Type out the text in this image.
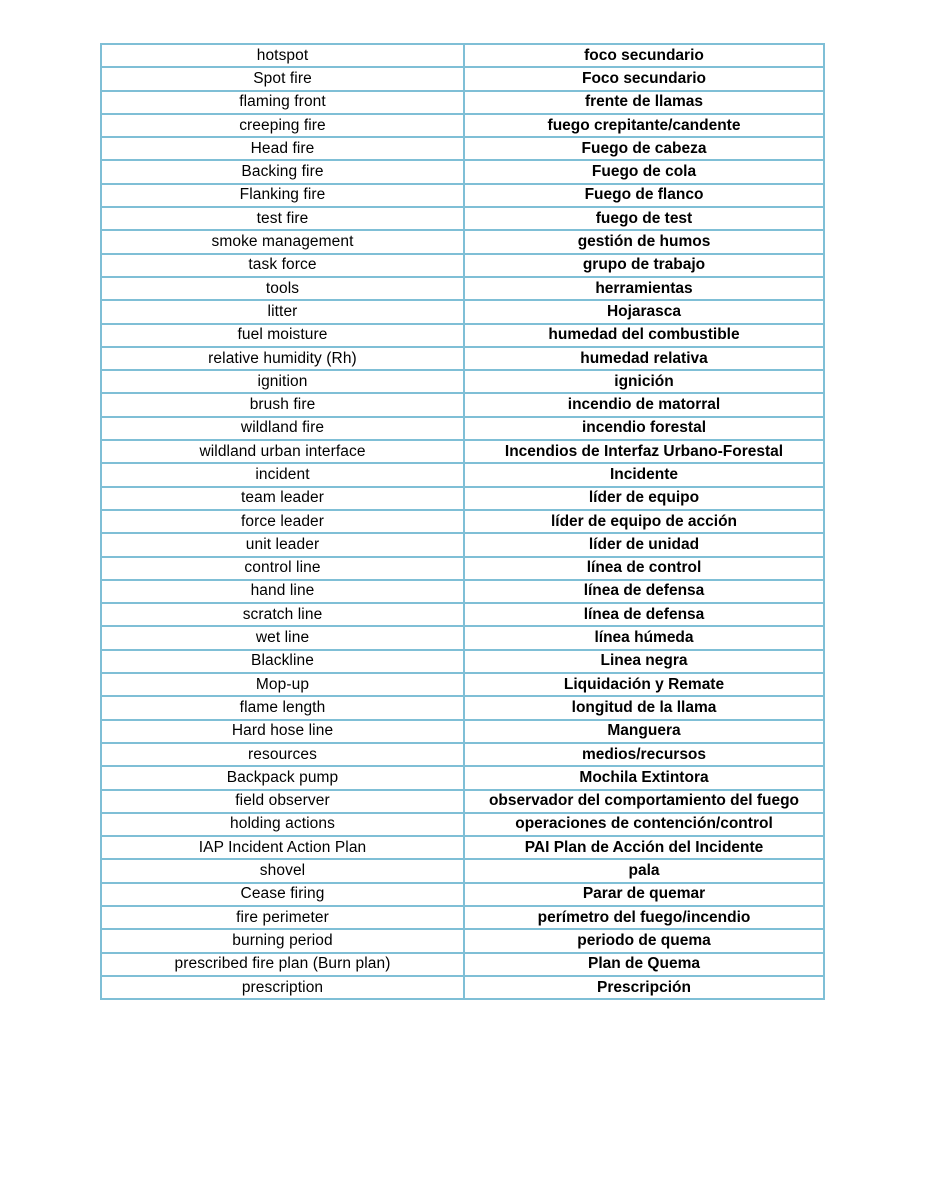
hotspot	foco secundario
Spot fire	Foco secundario
flaming front	frente de llamas
creeping fire	fuego crepitante/candente
Head fire	Fuego de cabeza
Backing fire	Fuego de cola
Flanking fire	Fuego de flanco
test fire	fuego de test
smoke management	gestión de humos
task force	grupo de trabajo
tools	herramientas
litter	Hojarasca
fuel moisture	humedad del combustible
relative humidity (Rh)	humedad relativa
ignition	ignición
brush fire	incendio de matorral
wildland fire	incendio forestal
wildland urban interface	Incendios de Interfaz Urbano-Forestal
incident	Incidente
team leader	líder de equipo
force leader	líder de equipo de acción
unit leader	líder de unidad
control line	línea de control
hand line	línea de defensa
scratch line	línea de defensa
wet line	línea húmeda
Blackline	Linea negra
Mop-up	Liquidación y Remate
flame length	longitud de la llama
Hard hose line	Manguera
resources	medios/recursos
Backpack pump	Mochila Extintora
field observer	observador del comportamiento del fuego
holding actions	operaciones de contención/control
IAP Incident Action Plan	PAI Plan de Acción del Incidente
shovel	pala
Cease firing	Parar de quemar
fire perimeter	perímetro del fuego/incendio
burning period	periodo de quema
prescribed fire plan (Burn plan)	Plan de Quema
prescription	Prescripción
